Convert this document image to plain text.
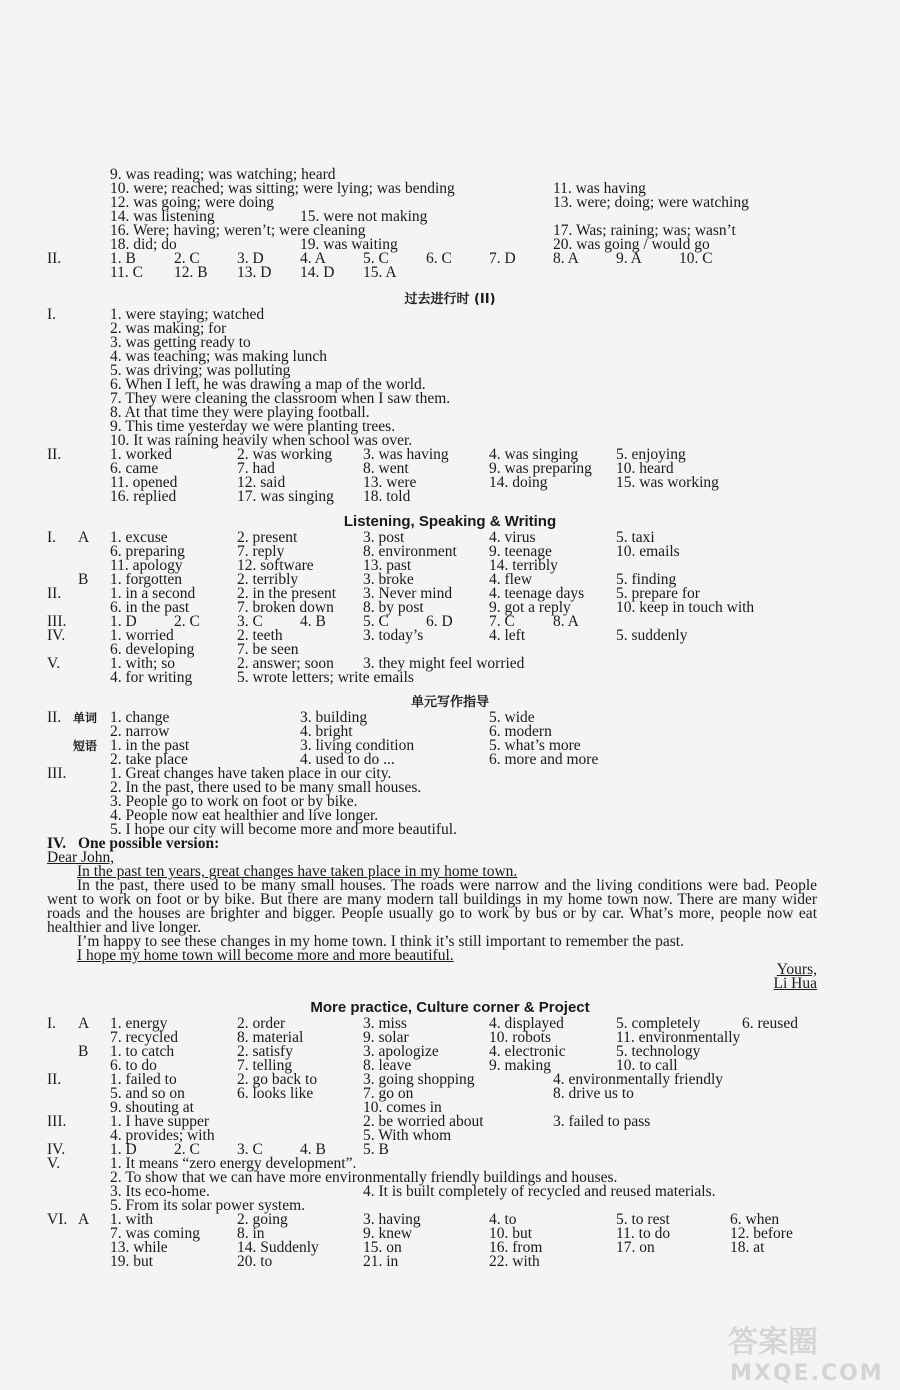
9. was reading; was watching; heard
10. were; reached; was sitting; were lying; was bending	11. was having
12. was going; were doing	13. were; doing; were watching
14. was listening	15. were not making
16. Were; having; weren’t; were cleaning	17. Was; raining; was; wasn’t
18. did; do	19. was waiting	20. was going / would go
II.	1. B 2. C 3. D 4. A 5. C 6. C 7. D 8. A 9. A 10. C
11. C 12. B 13. D 14. D 15. A
过去进行时 (II)
I.	1. were staying; watched
2. was making; for
3. was getting ready to
4. was teaching; was making lunch
5. was driving; was polluting
6. When I left, he was drawing a map of the world.
7. They were cleaning the classroom when I saw them.
8. At that time they were playing football.
9. This time yesterday we were planting trees.
10. It was raining heavily when school was over.
II.	1. worked	2. was working 3. was having	4. was singing 5. enjoying
6. came	7. had	8. went	9. was preparing 10. heard
11. opened	12. said	13. were	14. doing	15. was working
16. replied	17. was singing 18. told
Listening, Speaking & Writing
I. A 1. excuse	2. present	3. post	4. virus	5. taxi
6. preparing	7. reply	8. environment 9. teenage	10. emails
11. apology	12. software	13. past	14. terribly
B 1. forgotten	2. terribly	3. broke	4. flew	5. finding
II.	1. in a second	2. in the present 3. Never mind 4. teenage days 5. prepare for
6. in the past	7. broken down 8. by post	9. got a reply	10. keep in touch with
III.	1. D 2. C 3. C 4. B 5. C 6. D 7. C 8. A
IV.	1. worried	2. teeth	3. today’s	4. left	5. suddenly
6. developing	7. be seen
V.	1. with; so	2. answer; soon 3. they might feel worried
4. for writing	5. wrote letters; write emails
单元写作指导
II. 单词 1. change	3. building	5. wide
2. narrow	4. bright	6. modern
短语 1. in the past	3. living condition	5. what’s more
2. take place	4. used to do ...	6. more and more
III.	1. Great changes have taken place in our city.
2. In the past, there used to be many small houses.
3. People go to work on foot or by bike.
4. People now eat healthier and live longer.
5. I hope our city will become more and more beautiful.
IV. One possible version:
Dear John,
In the past ten years, great changes have taken place in my home town.
In the past, there used to be many small houses. The roads were narrow and the living conditions were bad. People went to work on foot or by bike. But there are many modern tall buildings in my home town now. There are many wider roads and the houses are brighter and bigger. People usually go to work by bus or by car. What’s more, people now eat healthier and live longer.
I’m happy to see these changes in my home town. I think it’s still important to remember the past.
I hope my home town will become more and more beautiful.
Yours,
Li Hua
More practice, Culture corner & Project
I. A 1. energy	2. order	3. miss	4. displayed	5. completely	6. reused
7. recycled	8. material	9. solar	10. robots	11. environmentally
B 1. to catch	2. satisfy	3. apologize	4. electronic	5. technology
6. to do	7. telling	8. leave	9. making	10. to call
II.	1. failed to	2. go back to	3. going shopping	4. environmentally friendly
5. and so on	6. looks like	7. go on	8. drive us to
9. shouting at	10. comes in
III.	1. I have supper	2. be worried about	3. failed to pass
4. provides; with	5. With whom
IV.	1. D 2. C 3. C 4. B 5. B
V.	1. It means “zero energy development”.
2. To show that we can have more environmentally friendly buildings and houses.
3. Its eco-home.	4. It is built completely of recycled and reused materials.
5. From its solar power system.
VI. A 1. with	2. going	3. having	4. to	5. to rest	6. when
7. was coming 8. in	9. knew	10. but	11. to do	12. before
13. while	14. Suddenly	15. on	16. from	17. on	18. at
19. but	20. to	21. in	22. with
答案圈
MXQE.COM
